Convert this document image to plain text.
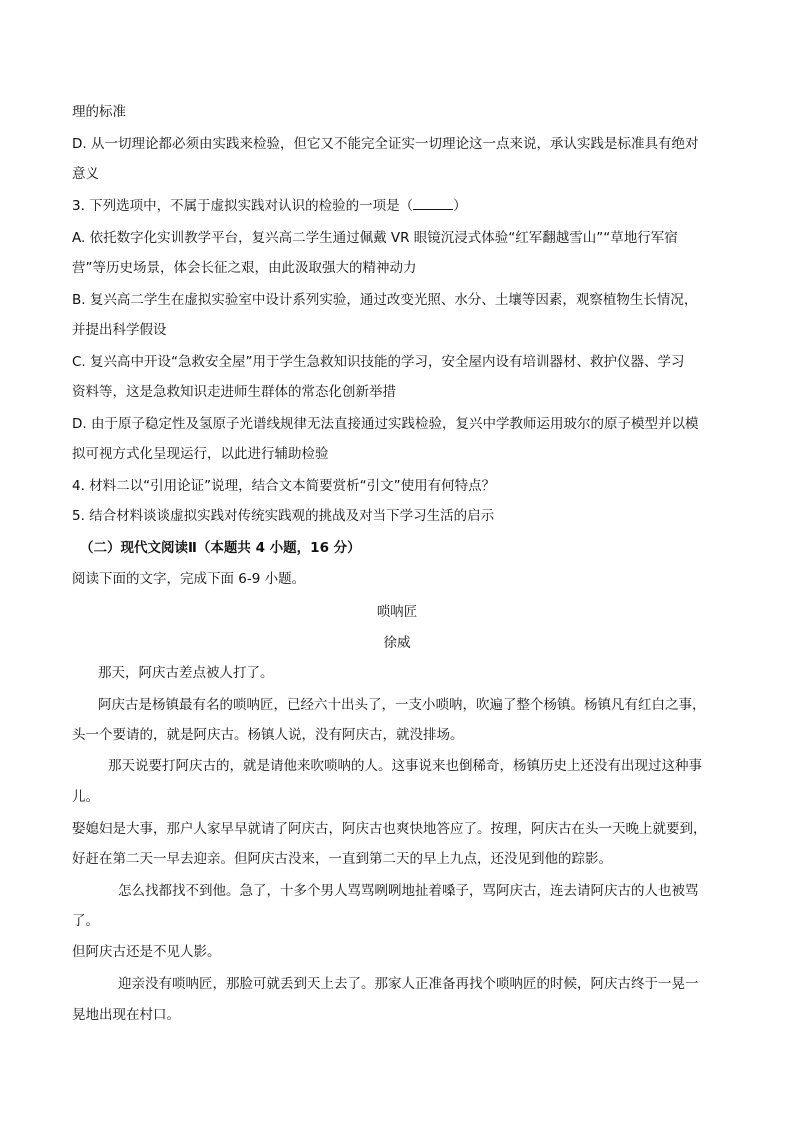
理的标准
D. 从一切理论都必须由实践来检验，但它又不能完全证实一切理论这一点来说，承认实践是标准具有绝对
意义
3. 下列选项中，不属于虚拟实践对认识的检验的一项是（	）
A. 依托数字化实训教学平台，复兴高二学生通过佩戴 VR 眼镜沉浸式体验“红军翻越雪山”“草地行军宿
营”等历史场景，体会长征之艰，由此汲取强大的精神动力
B. 复兴高二学生在虚拟实验室中设计系列实验，通过改变光照、水分、土壤等因素，观察植物生长情况，
并提出科学假设
C. 复兴高中开设“急救安全屋”用于学生急救知识技能的学习，安全屋内设有培训器材、救护仪器、学习
资料等，这是急救知识走进师生群体的常态化创新举措
D. 由于原子稳定性及氢原子光谱线规律无法直接通过实践检验，复兴中学教师运用玻尔的原子模型并以模
拟可视方式化呈现运行，以此进行辅助检验
4. 材料二以“引用论证”说理，结合文本简要赏析“引文”使用有何特点？
5. 结合材料谈谈虚拟实践对传统实践观的挑战及对当下学习生活的启示
（二）现代文阅读Ⅱ（本题共 4 小题，16 分）
阅读下面的文字，完成下面 6-9 小题。
唢呐匠
徐威
那天，阿庆古差点被人打了。
阿庆古是杨镇最有名的唢呐匠，已经六十出头了，一支小唢呐，吹遍了整个杨镇。杨镇凡有红白之事，
头一个要请的，就是阿庆古。杨镇人说，没有阿庆古，就没排场。
那天说要打阿庆古的，就是请他来吹唢呐的人。这事说来也倒稀奇，杨镇历史上还没有出现过这种事
儿。
娶媳妇是大事，那户人家早早就请了阿庆古，阿庆古也爽快地答应了。按理，阿庆古在头一天晚上就要到，
好赶在第二天一早去迎亲。但阿庆古没来，一直到第二天的早上九点，还没见到他的踪影。
怎么找都找不到他。急了，十多个男人骂骂咧咧地扯着嗓子，骂阿庆古，连去请阿庆古的人也被骂
了。
但阿庆古还是不见人影。
迎亲没有唢呐匠，那脸可就丢到天上去了。那家人正准备再找个唢呐匠的时候，阿庆古终于一晃一
晃地出现在村口。
